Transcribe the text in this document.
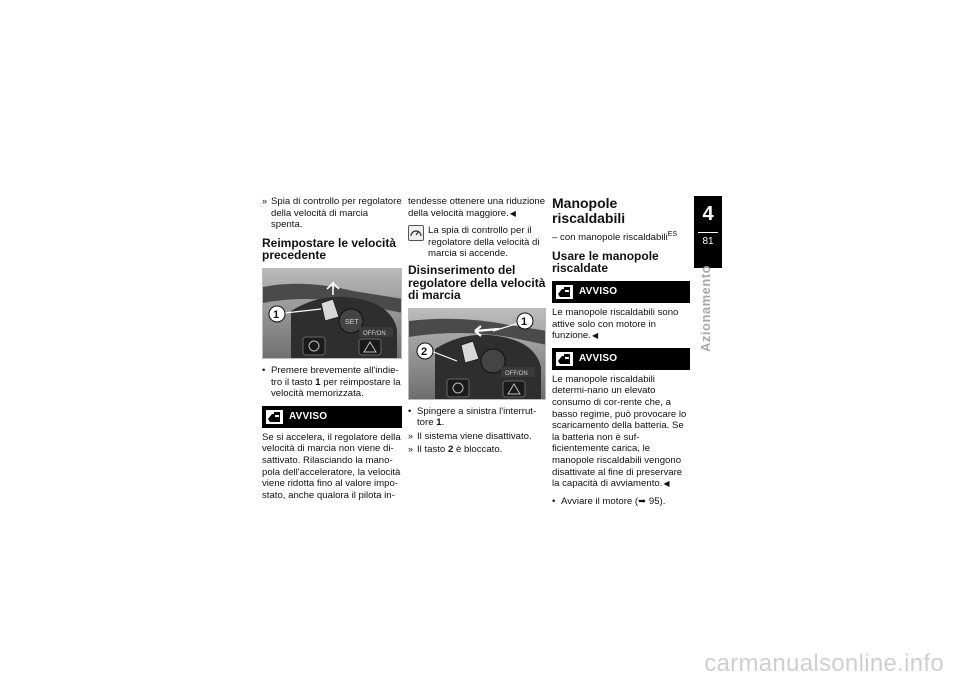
» Spia di controllo per regolatore della velocità di marcia spenta.
Reimpostare le velocità precedente
SET
OFF/ON
1
• Premere brevemente all'indie-tro il tasto 1 per reimpostare la velocità memorizzata.
AVVISO
Se si accelera, il regolatore della velocità di marcia non viene di-sattivato. Rilasciando la mano-pola dell'acceleratore, la velocità viene ridotta fino al valore impo-stato, anche qualora il pilota in-
tendesse ottenere una riduzione della velocità maggiore.◀
La spia di controllo per il regolatore della velocità di marcia si accende.
Disinserimento del regolatore della velocità di marcia
OFF/ON
1
2
• Spingere a sinistra l'interrut-tore 1.
» Il sistema viene disattivato.
» Il tasto 2 è bloccato.
Manopole riscaldabili
– con manopole riscaldabili$^{ES}$
Usare le manopole riscaldate
AVVISO
Le manopole riscaldabili sono attive solo con motore in funzione.◀
AVVISO
Le manopole riscaldabili determi-nano un elevato consumo di cor-rente che, a basso regime, può provocare lo scaricamento della batteria. Se la batteria non è suf-ficientemente carica, le manopole riscaldabili vengono disattivate al fine di preservare la capacità di avviamento.◀
• Avviare il motore (➥ 95).
4
81
Azionamento
carmanualsonline.info
